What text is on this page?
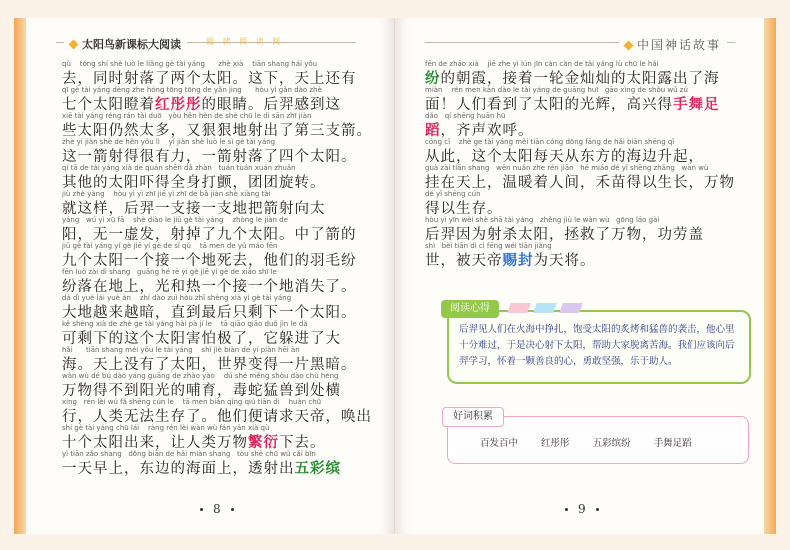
太阳鸟新课标大阅读	阅 读 阅 读 阅
qù    tóng shí shè luò le liǎng gè tài yáng      zhè xià    tiān shang hái yǒu
去，同时射落了两个太阳。这下，天上还有
qī gè tài yáng dèng zhe hóng tōng tōng de yǎn jing      hòu yì gǎn dào zhè
七个太阳瞪着红彤彤的眼睛。后羿感到这
xiē tài yáng réng rán tài duō   yòu hěn hěn de shè chū le dì sān zhī jiàn
些太阳仍然太多，又狠狠地射出了第三支箭。
zhè yí jiàn shè de hěn yǒu lì    yí jiàn shè luò le sì gè tài yáng
这一箭射得很有力，一箭射落了四个太阳。
qí tā de tài yáng xià de quán shēn dǎ zhàn   tuán tuán xuán zhuǎn
其他的太阳吓得全身打颤，团团旋转。
jiù zhè yàng    hòu yì yì zhī jiē yì zhī de bǎ jiàn shè xiàng tài
就这样，后羿一支接一支地把箭射向太
yáng   wú yì xū fā    shè diào le jiǔ gè tài yáng    zhòng le jiàn de
阳，无一虚发，射掉了九个太阳。中了箭的
jiǔ gè tài yáng yí gè jiē yí gè de sǐ qù    tā men de yǔ máo fēn
九个太阳一个接一个地死去，他们的羽毛纷
fēn luò zài dì shang   guāng hé rè yí gè jiē yí gè de xiāo shī le
纷落在地上，光和热一个接一个地消失了。
dà dì yuè lái yuè àn    zhí dào zuì hòu zhǐ shèng xià yí gè tài yáng
大地越来越暗，直到最后只剩下一个太阳。
kě shèng xià de zhè ge tài yáng hài pà jí le    tā qiāo qiāo duǒ jìn le dà
可剩下的这个太阳害怕极了，它躲进了大
hǎi      tiān shang méi yǒu le tài yáng    shì jiè biàn de yí piàn hēi àn
海。天上没有了太阳，世界变得一片黑暗。
wàn wù dé bú dào yáng guāng de zhào yào    dú shé měng shòu dào chù héng
万物得不到阳光的哺育，毒蛇猛兽到处横
xíng   rén lèi wú fǎ shēng cún le    tā men biàn qǐng qiú tiān dì    huàn chū
行，人类无法生存了。他们便请求天帝，唤出
shí gè tài yáng chū lái    ràng rén lèi wàn wù fán yǎn xià qù
十个太阳出来，让人类万物繁衍下去。
yì tiān zǎo shang   dōng biān de hǎi miàn shang   tòu shè chū wǔ cǎi bīn
一天早上，东边的海面上，透射出五彩缤
8
中国神话故事
fēn de zhāo xiá    jiē zhe yì lún jīn càn càn de tài yáng lù chū le hǎi
纷的朝霞，接着一轮金灿灿的太阳露出了海
miàn    rén men kàn dào le tài yáng de guāng huī   gāo xìng de shǒu wǔ zú
面！人们看到了太阳的光辉，高兴得手舞足
dǎo   qí shēng huān hū
蹈，齐声欢呼。
cóng cǐ    zhè ge tài yáng měi tiān cóng dōng fāng de hǎi biān shēng qǐ
从此，这个太阳每天从东方的海边升起，
guà zài tiān shang   wēn nuǎn zhe rén jiān   hé miáo dé yǐ shēng zhǎng   wàn wù
挂在天上，温暖着人间，禾苗得以生长，万物
dé yǐ shēng cún
得以生存。
hòu yì yīn wèi shè shā tài yáng   zhěng jiù le wàn wù   gōng láo gài
后羿因为射杀太阳，拯救了万物，功劳盖
shì   bèi tiān dì cì fēng wéi tiān jiàng
世，被天帝赐封为天将。
阅读心得
后羿见人们在火海中挣扎，饱受太阳的炙烤和猛兽的袭击，他心里十分难过，于是决心射下太阳，帮助大家脱离苦海。我们应该向后羿学习，怀着一颗善良的心，勇敢坚强，乐于助人。
好词积累
百发百中 红彤彤 五彩缤纷 手舞足蹈
9
